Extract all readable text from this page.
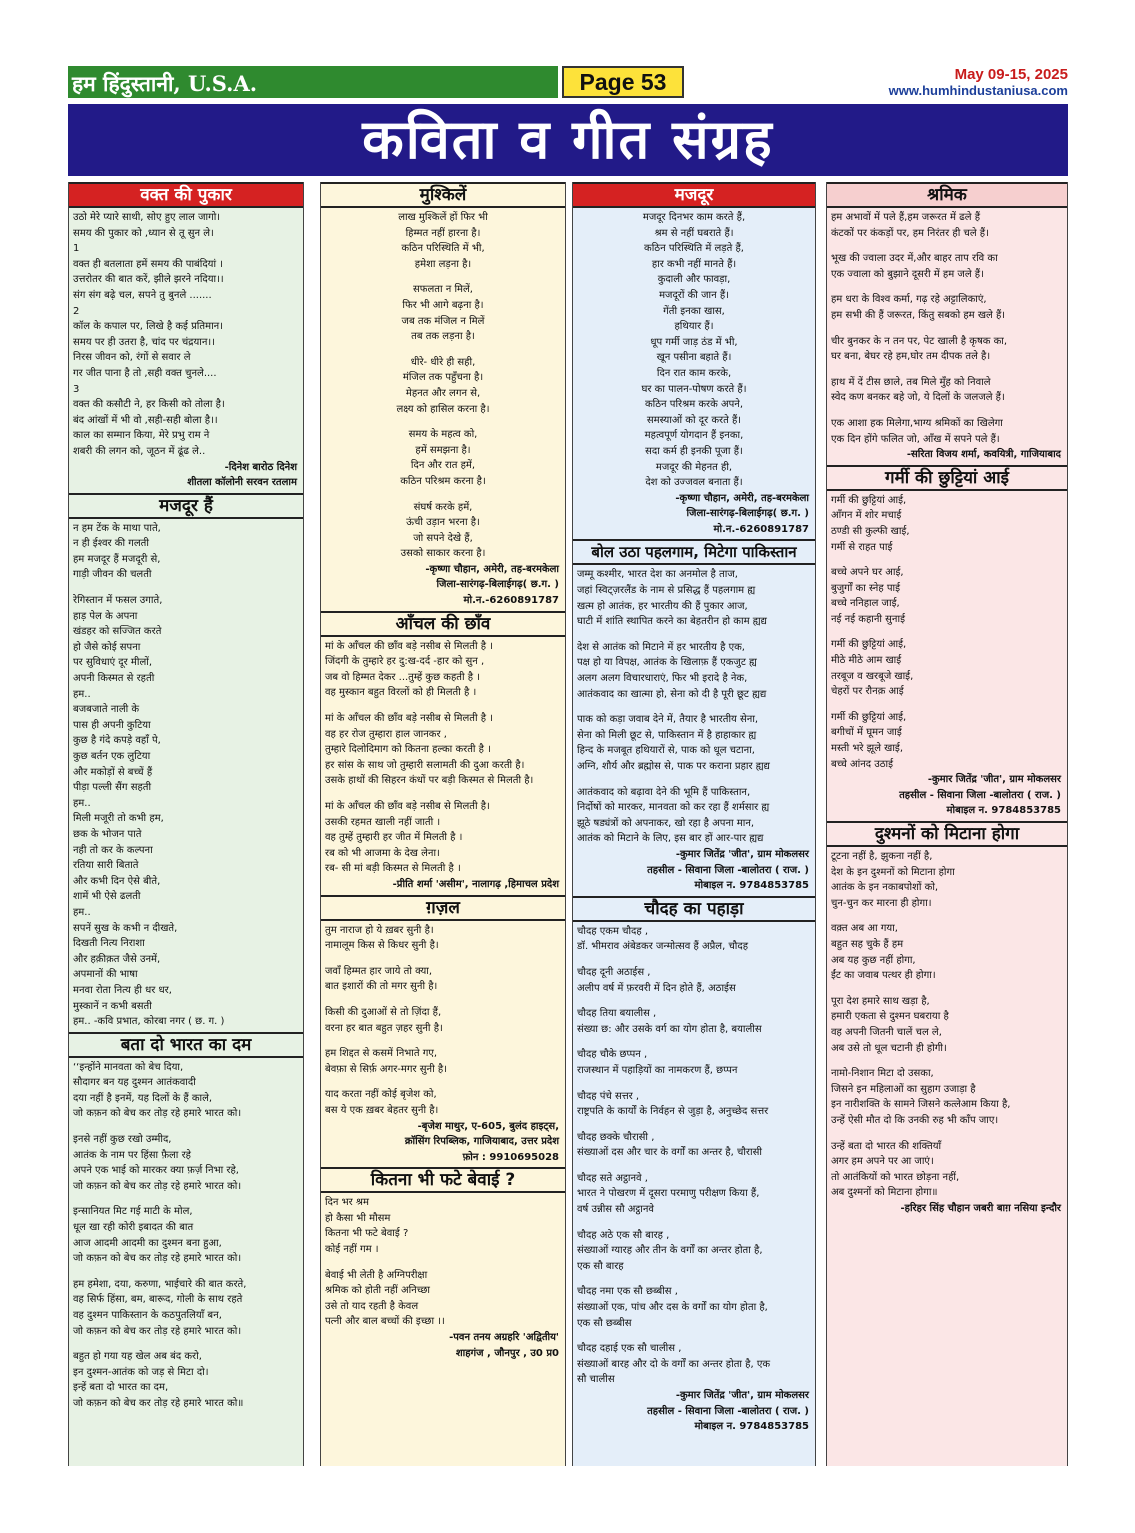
हम हिंदुस्तानी, U.S.A.	Page 53	May 09-15, 2025
www.humhindustaniusa.com
कविता व गीत संग्रह
वक्त की पुकार
उठो मेरे प्यारे साथी, सोए हुए लाल जागो।
समय की पुकार को ,ध्यान से तू सुन ले।
1
वक्त ही बतलाता हमें समय की पाबंदियां ।
उत्तरोतर की बात करें, झीले झरने नदिया।।
संग संग बढ़े चल, सपने तु बुनले .......
2
कॉल के कपाल पर, लिखे है कई प्रतिमान।
समय पर ही उतरा है, चांद पर चंद्रयान।।
निरस जीवन को, रंगों से सवार ले
गर जीत पाना है तो ,सही वक्त चुनले....
3
वक्त की कसौटी ने, हर किसी को तोला है।
बंद आंखों में भी वो ,सही-सही बोला है।।
काल का सम्मान किया, मेरे प्रभु राम ने
शबरी की लगन को, जूठन में ढूंढ ले..
-दिनेश बारोठ दिनेश
शीतला कॉलोनी सरवन रतलाम
मजदूर हैं
न हम टेंक के माथा पाते,
न ही ईश्वर की गलती
हम मजदूर हैं मजदूरी से,
गाड़ी जीवन की चलती
रेगिस्तान में फसल उगाते,
हाड़ पेल के अपना
खंडहर को सज्जित करते
हो जैसे कोई सपना
पर सुविधाएं दूर मीलों,
अपनी किस्मत से रहती
हम..
बजबजाते नाली के
पास ही अपनी कुटिया
कुछ है गंदे कपड़े वहाँ पे,
कुछ बर्तन एक लुटिया
और मकोड़ों से बच्चें हैं
पीड़ा पल्ली सैंग सहती
हम..
मिली मजूरी तो कभी हम,
छक के भोजन पाते
नही तो कर के कल्पना
रतिया सारी बिताते
और कभी दिन ऐसे बीते,
शामें भी ऐसे ढलती
हम..
सपनें सुख के कभी न दीखते,
दिखती नित्य निराशा
और हक़ीक़त जैसे उनमें,
अपमानों की भाषा
मनवा रोता नित्य ही धर धर,
मुस्कानें न कभी बसती
हम.. -कवि प्रभात, कोरबा नगर ( छ. ग. )
बता दो भारत का दम
‘‘इन्होंने मानवता को बेच दिया,
सौदागर बन यह दुश्मन आतंकवादी
दया नहीं है इनमें, यह दिलों के हैं काले,
जो कफ़न को बेच कर तोड़ रहे हमारे भारत को।
इनसे नहीं कुछ रखो उम्मीद,
आतंक के नाम पर हिंसा फ़ैला रहे
अपने एक भाई को मारकर क्या फ़र्ज़ निभा रहे,
जो कफ़न को बेच कर तोड़ रहे हमारे भारत को।
इन्सानियत मिट गई माटी के मोल,
धूल खा रही कोरी इबादत की बात
आज आदमी आदमी का दुश्मन बना हुआ,
जो कफ़न को बेच कर तोड़ रहे हमारे भारत को।
हम हमेशा, दया, करुणा, भाईचारे की बात करते,
वह सिर्फ हिंसा, बम, बारूद, गोली के साथ रहते
वह दुश्मन पाकिस्तान के कठपुतलियाँ बन,
जो कफ़न को बेच कर तोड़ रहे हमारे भारत को।
बहुत हो गया यह खेल अब बंद करो,
इन दुश्मन-आतंक को जड़ से मिटा दो।
इन्हें बता दो भारत का दम,
जो कफ़न को बेच कर तोड़ रहे हमारे भारत को॥
मुश्किलें
लाख मुश्किलें हों फिर भी
हिम्मत नहीं हारना है।
कठिन परिस्थिति में भी,
हमेशा लड़ना है।
सफलता न मिलें,
फिर भी आगे बढ़ना है।
जब तक मंजिल न मिलें
तब तक लड़ना है।
धीरे- धीरे ही सही,
मंजिल तक पहुँचना है।
मेहनत और लगन से,
लक्ष्य को हासिल करना है।
समय के महत्व को,
हमें समझना है।
दिन और रात हमें,
कठिन परिश्रम करना है।
संघर्ष करके हमें,
ऊंची उड़ान भरना है।
जो सपने देखे हैं,
उसको साकार करना है।
-कृष्णा चौहान, अमेरी, तह-बरमकेला
जिला-सारंगढ़-बिलाईगढ़( छ.ग. )
मो.न.-6260891787
आँचल की छाँव
मां के आँचल की छाँव बड़े नसीब से मिलती है ।
जिंदगी के तुम्हारे हर दु:ख-दर्द -हार को सुन ,
जब वो हिम्मत देकर ...तुम्हें कुछ कहती है ।
वह मुस्कान बहुत विरलों को ही मिलती है ।
मां के आँचल की छाँव बड़े नसीब से मिलती है ।
वह हर रोज तुम्हारा हाल जानकर ,
तुम्हारे दिलोदिमाग को कितना हल्का करती है ।
हर सांस के साथ जो तुम्हारी सलामती की दुआ करती है।
उसके हाथों की सिहरन कंधों पर बड़ी किस्मत से मिलती है।
मां के आँचल की छाँव बड़े नसीब से मिलती है।
उसकी रहमत खाली नहीं जाती ।
वह तुम्हें तुम्हारी हर जीत में मिलती है ।
रब को भी आजमा के देख लेना।
रब- सी मां बड़ी किस्मत से मिलती है ।
-प्रीति शर्मा 'असीम', नालागढ़ ,हिमाचल प्रदेश
ग़ज़ल
तुम नाराज हो ये ख़बर सुनी है।
नामालूम किस से किधर सुनी है।
जवाँ हिम्मत हार जाये तो क्या,
बात इशारों की तो मगर सुनी है।
किसी की दुआओं से तो ज़िंदा हैं,
वरना हर बात बहुत ज़हर सुनी है।
हम शिद्दत से कसमें निभाते गए,
बेवफ़ा से सिर्फ़ अगर-मगर सुनी है।
याद करता नहीं कोई बृजेश को,
बस ये एक ख़बर बेहतर सुनी है।
-बृजेश माथुर, ए-605, बुलंद हाइट्स,
क्रॉसिंग रिपब्लिक, गाजियाबाद, उत्तर प्रदेश
फ़ोन : 9910695028
कितना भी फटे बेवाई ?
दिन भर श्रम
हो कैसा भी मौसम
कितना भी फटे बेवाई ?
कोई नहीं गम ।
बेवाई भी लेती है अग्निपरीक्षा
श्रमिक को होती नहीं अनिच्छा
उसे तो याद रहती है केवल
पत्नी और बाल बच्चों की इच्छा ।।
-पवन तनय अग्रहरि 'अद्वितीय'
शाहगंज , जौनपुर , उ0 प्र0
मजदूर
मजदूर दिनभर काम करते हैं,
श्रम से नहीं घबराते हैं।
कठिन परिस्थिति में लड़ते हैं,
हार कभी नहीं मानते हैं।
कुदाली और फावड़ा,
मजदूरों की जान हैं।
गेंती इनका खास,
हथियार हैं।
धूप गर्मी जाड़ ठंड में भी,
खून पसीना बहाते हैं।
दिन रात काम करके,
घर का पालन-पोषण करते हैं।
कठिन परिश्रम करके अपने,
समस्याओं को दूर करते हैं।
महत्वपूर्ण योगदान हैं इनका,
सदा कर्म ही इनकी पूजा हैं।
मजदूर की मेहनत ही,
देश को उज्जवल बनाता हैं।
-कृष्णा चौहान, अमेरी, तह-बरमकेला
जिला-सारंगढ़-बिलाईगढ़( छ.ग. )
मो.न.-6260891787
बोल उठा पहलगाम, मिटेगा पाकिस्तान
जम्मू कश्मीर, भारत देश का अनमोल है ताज,
जहां स्विट्ज़रलैंड के नाम से प्रसिद्ध हैं पहलगाम ह्य
खत्म हो आतंक, हर भारतीय की हैं पुकार आज,
घाटी में शांति स्थापित करने का बेहतरीन हो काम ह्यद्य
देश से आतंक को मिटाने में हर भारतीय है एक,
पक्ष हो या विपक्ष, आतंक के खिलाफ़ हैं एकजुट ह्य
अलग अलग विचारधाराएं, फिर भी इरादे है नेक,
आतंकवाद का खात्मा हो, सेना को दी है पूरी छूट ह्यद्य
पाक को कड़ा जवाब देने में, तैयार है भारतीय सेना,
सेना को मिली छूट से, पाकिस्तान में है हाहाकार ह्य
हिन्द के मजबूत हथियारों से, पाक को धूल चटाना,
अग्नि, शौर्य और ब्रह्मोस से, पाक पर कराना प्रहार ह्यद्य
आतंकवाद को बढ़ावा देने की भूमि हैं पाकिस्तान,
निर्दोषों को मारकर, मानवता को कर रहा हैं शर्मसार ह्य
झूठे षड्यंत्रों को अपनाकर, खो रहा है अपना मान,
आतंक को मिटाने के लिए, इस बार हों आर-पार ह्यद्य
-कुमार जितेंद्र 'जीत', ग्राम मोकलसर
तहसील - सिवाना जिला -बालोतरा ( राज. )
मोबाइल न. 9784853785
चौदह का पहाड़ा
चौदह एकम चौदह ,
डॉ. भीमराव अंबेडकर जन्मोत्सव हैं अप्रैल, चौदह
चौदह दूनी अठाईस ,
अलीप वर्ष में फ़रवरी में दिन होते हैं, अठाईस
चौदह तिया बयालीस ,
संख्या छ: और उसके वर्ग का योग होता है, बयालीस
चौदह चौके छप्पन ,
राजस्थान में पहाड़ियों का नामकरण हैं, छप्पन
चौदह पंचे सत्तर ,
राष्ट्रपति के कार्यों के निर्वहन से जुड़ा है, अनुच्छेद सत्तर
चौदह छक्के चौरासी ,
संख्याओं दस और चार के वर्गों का अन्तर है, चौरासी
चौदह सते अट्ठानवे ,
भारत ने पोखरण में दूसरा परमाणु परीक्षण किया हैं,
वर्ष उन्नीस सौ अट्ठानवे
चौदह अठे एक सौ बारह ,
संख्याओं ग्यारह और तीन के वर्गों का अन्तर होता है,
एक सौ बारह
चौदह नमा एक सौ छब्बीस ,
संख्याओं एक, पांच और दस के वर्गों का योग होता है,
एक सौ छब्बीस
चौदह दहाई एक सौ चालीस ,
संख्याओं बारह और दो के वर्गों का अन्तर होता है, एक
सौ चालीस
-कुमार जितेंद्र 'जीत', ग्राम मोकलसर
तहसील - सिवाना जिला -बालोतरा ( राज. )
मोबाइल न. 9784853785
श्रमिक
हम अभावों में पले हैं,हम जरूरत में ढले हैं
कंटकों पर कंकड़ों पर, हम निरंतर ही चले हैं।
भूख की ज्वाला उदर में,और बाहर ताप रवि का
एक ज्वाला को बुझाने दूसरी में हम जले हैं।
हम धरा के विश्व कर्मा, गढ़ रहे अट्टालिकाएं,
हम सभी की हैं जरूरत, किंतु सबको हम खले हैं।
चीर बुनकर के न तन पर, पेट खाली है कृषक का,
घर बना, बेघर रहे हम,घोर तम दीपक तले है।
हाथ में दें टीस छाले, तब मिले मुँह को निवाले
स्वेद कण बनकर बहे जो, ये दिलों के जलजले हैं।
एक आशा हक मिलेगा,भाग्य श्रमिकों का खिलेगा
एक दिन होंगे फलित जो, आँख में सपने पले हैं।
-सरिता विजय शर्मा, कवयित्री, गाजियाबाद
गर्मी की छुट्टियां आई
गर्मी की छुट्टियां आई,
आँगन में शोर मचाई
ठण्डी सी कुल्फी खाई,
गर्मी से राहत पाई
बच्चे अपने घर आई,
बुजुर्गों का स्नेह पाई
बच्चे ननिहाल जाई,
नई नई कहानी सुनाई
गर्मी की छुट्टियां आई,
मीठे मीठे आम खाई
तरबूज व खरबूजे खाई,
चेहरों पर रौनक़ आई
गर्मी की छुट्टियां आई,
बगीचों में घूमन जाई
मस्ती भरे झूले खाई,
बच्चे आंनद उठाई
-कुमार जितेंद्र 'जीत', ग्राम मोकलसर
तहसील - सिवाना जिला -बालोतरा ( राज. )
मोबाइल न. 9784853785
दुश्मनों को मिटाना होगा
टूटना नहीं है, झुकना नहीं है,
देश के इन दुश्मनों को मिटाना होगा
आतंक के इन नकाबपोशों को,
चुन-चुन कर मारना ही होगा।
वक़्त अब आ गया,
बहुत सह चुके हैं हम
अब यह कुछ नहीं होगा,
ईंट का जवाब पत्थर ही होगा।
पूरा देश हमारे साथ खड़ा है,
हमारी एकता से दुश्मन घबराया है
वह अपनी जितनी चालें चल ले,
अब उसे तो धूल चटानी ही होगी।
नामो-निशान मिटा दो उसका,
जिसने इन महिलाओं का सुहाग उजाड़ा है
इन नारीशक्ति के सामने जिसने कत्लेआम किया है,
उन्हें ऐसी मौत दो कि उनकी रुह भी काँप जाए।
उन्हें बता दो भारत की शक्तियाँ
अगर हम अपने पर आ जाएं।
तो आतंकियों को भारत छोड़ना नहीं,
अब दुश्मनों को मिटाना होगा॥
-हरिहर सिंह चौहान जबरी बाग़ नसिया इन्दौर
